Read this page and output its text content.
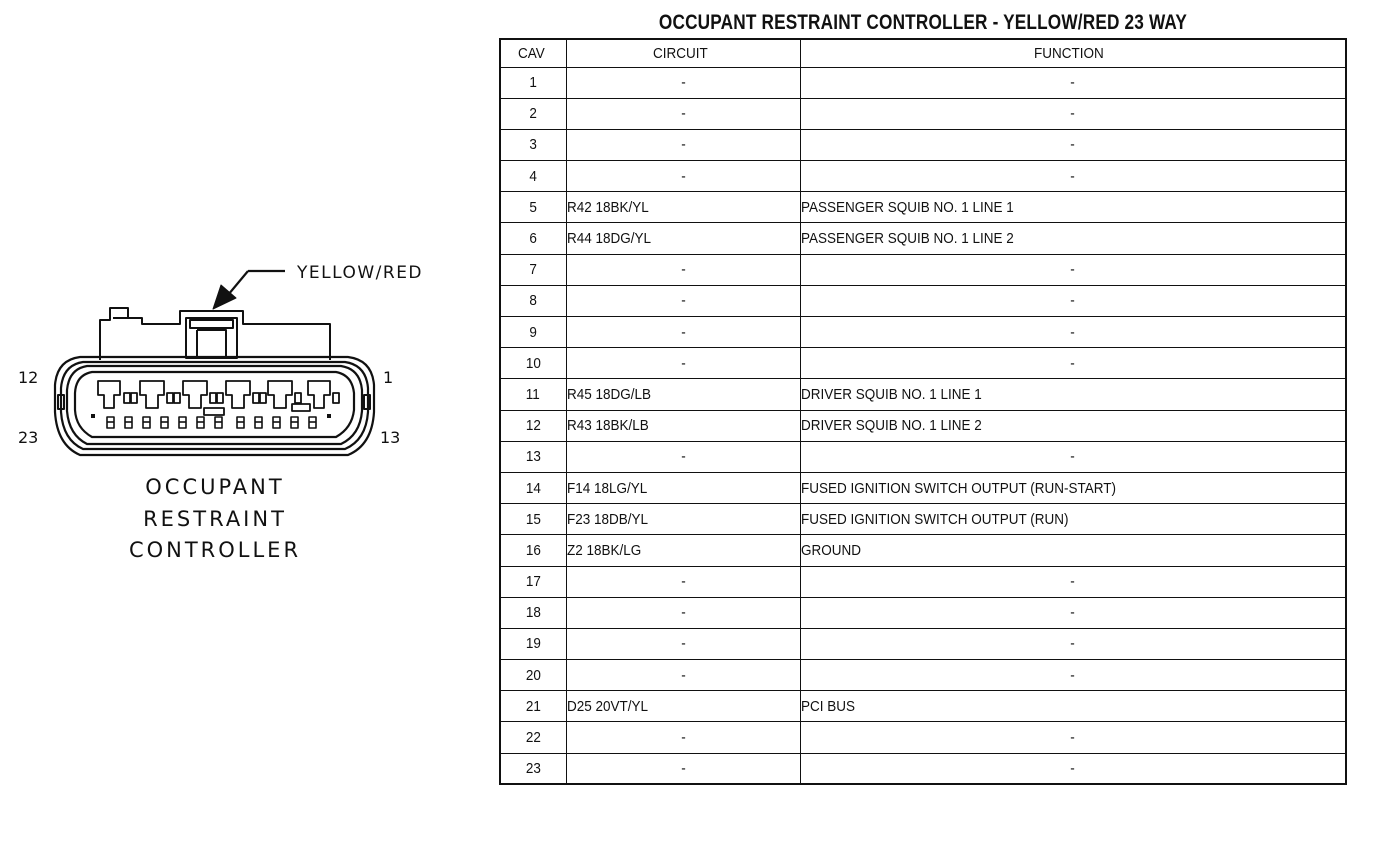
YELLOW/RED
12	1
23	13
OCCUPANT
RESTRAINT
CONTROLLER
OCCUPANT RESTRAINT CONTROLLER - YELLOW/RED 23 WAY
CAV	CIRCUIT	FUNCTION
1	-	-
2	-	-
3	-	-
4	-	-
5	R42 18BK/YL	PASSENGER SQUIB NO. 1 LINE 1
6	R44 18DG/YL	PASSENGER SQUIB NO. 1 LINE 2
7	-	-
8	-	-
9	-	-
10	-	-
11	R45 18DG/LB	DRIVER SQUIB NO. 1 LINE 1
12	R43 18BK/LB	DRIVER SQUIB NO. 1 LINE 2
13	-	-
14	F14 18LG/YL	FUSED IGNITION SWITCH OUTPUT (RUN-START)
15	F23 18DB/YL	FUSED IGNITION SWITCH OUTPUT (RUN)
16	Z2 18BK/LG	GROUND
17	-	-
18	-	-
19	-	-
20	-	-
21	D25 20VT/YL	PCI BUS
22	-	-
23	-	-
